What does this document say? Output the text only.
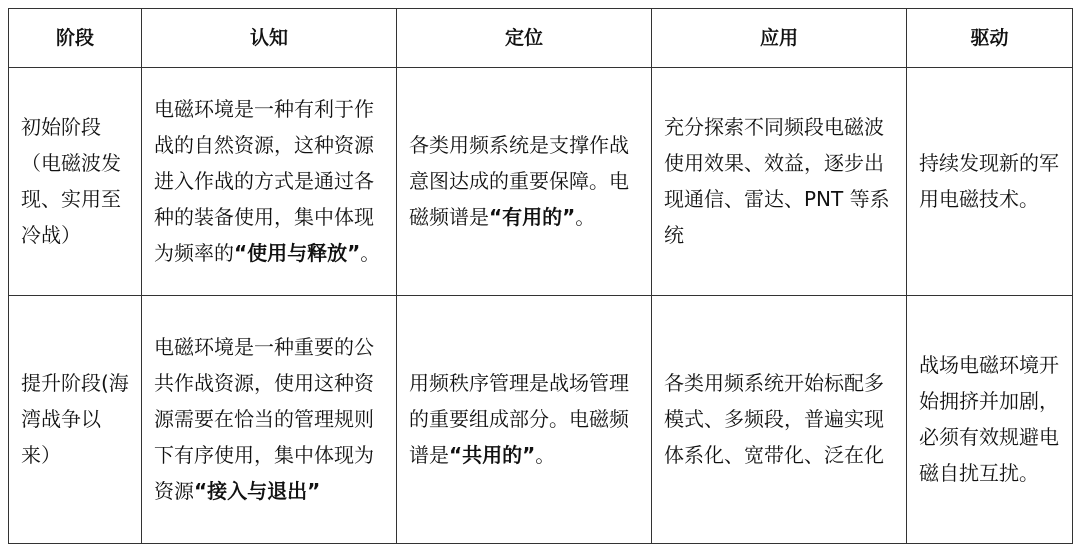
阶段	认知	定位	应用	驱动
初始阶段（电磁波发现、实用至冷战）	电磁环境是一种有利于作战的自然资源，这种资源进入作战的方式是通过各种的装备使用，集中体现为频率的“使用与释放”。	各类用频系统是支撑作战意图达成的重要保障。电磁频谱是“有用的”。	充分探索不同频段电磁波使用效果、效益，逐步出现通信、雷达、PNT 等系统	持续发现新的军用电磁技术。
提升阶段(海湾战争以来）	电磁环境是一种重要的公共作战资源，使用这种资源需要在恰当的管理规则下有序使用，集中体现为资源“接入与退出”	用频秩序管理是战场管理的重要组成部分。电磁频谱是“共用的”。	各类用频系统开始标配多模式、多频段，普遍实现体系化、宽带化、泛在化	战场电磁环境开始拥挤并加剧，必须有效规避电磁自扰互扰。
